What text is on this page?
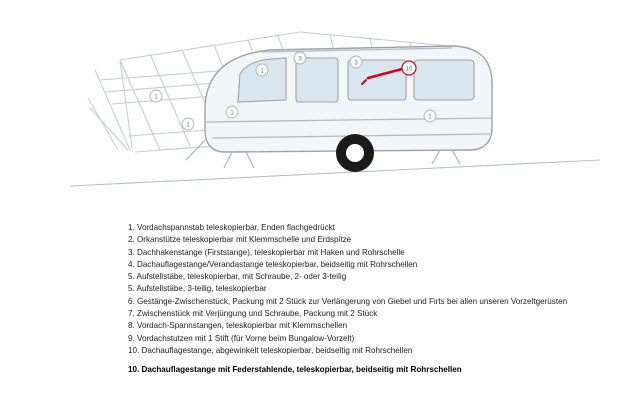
1
1
1
1
3
3
1
10
1. Vordachspannstab teleskopierbar, Enden flachgedrückt
2. Orkanstütze teleskopierbar mit Klemmschelle und Erdspitze
3. Dachhakenstange (Firststange), teleskopierbar mit Haken und Rohrschelle
4. Dachauflagestange/Verandastange teleskopierbar, beidseitig mit Rohrschellen
5. Aufstellstäbe, teleskopierbar, mit Schraube, 2- oder 3-teilig
5. Aufstellstäbe, 3-teilig, teleskopierbar
6. Gestänge-Zwischenstück, Packung mit 2 Stück zur Verlängerung von Giebel und Firts bei allen unseren Vorzeltgerüsten
7. Zwischenstück mit Verjüngung und Schraube, Packung mit 2 Stück
8. Vordach-Spannstangen, teleskopierbar mit Klemmschellen
9. Vordachstutzen mit 1 Stift (für Vorne beim Bungalow-Vorzelt)
10. Dachauflagestange, abgewinkelt teleskopierbar, beidseitig mit Rohrschellen
10. Dachauflagestange mit Federstahlende, teleskopierbar, beidseitig mit Rohrschellen
